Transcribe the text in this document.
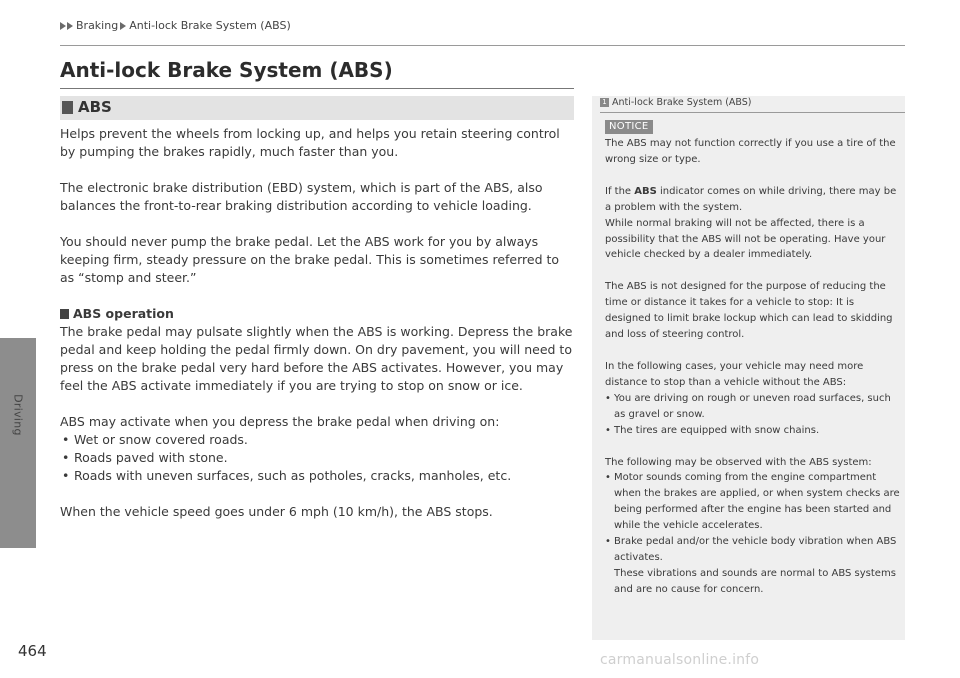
Driving
Braking Anti-lock Brake System (ABS)
Anti-lock Brake System (ABS)
ABS

Helps prevent the wheels from locking up, and helps you retain steering control by pumping the brakes rapidly, much faster than you.

The electronic brake distribution (EBD) system, which is part of the ABS, also balances the front-to-rear braking distribution according to vehicle loading.

You should never pump the brake pedal. Let the ABS work for you by always keeping firm, steady pressure on the brake pedal. This is sometimes referred to as “stomp and steer.”

ABS operation

The brake pedal may pulsate slightly when the ABS is working. Depress the brake pedal and keep holding the pedal firmly down. On dry pavement, you will need to press on the brake pedal very hard before the ABS activates. However, you may feel the ABS activate immediately if you are trying to stop on snow or ice.

ABS may activate when you depress the brake pedal when driving on:

• Wet or snow covered roads.
• Roads paved with stone.
• Roads with uneven surfaces, such as potholes, cracks, manholes, etc.

When the vehicle speed goes under 6 mph (10 km/h), the ABS stops.

1 Anti-lock Brake System (ABS)
NOTICE

The ABS may not function correctly if you use a tire of the wrong size or type.

If the ABS indicator comes on while driving, there may be a problem with the system.

While normal braking will not be affected, there is a possibility that the ABS will not be operating. Have your vehicle checked by a dealer immediately.

The ABS is not designed for the purpose of reducing the time or distance it takes for a vehicle to stop: It is designed to limit brake lockup which can lead to skidding and loss of steering control.

In the following cases, your vehicle may need more distance to stop than a vehicle without the ABS:

• You are driving on rough or uneven road surfaces, such as gravel or snow.
• The tires are equipped with snow chains.

The following may be observed with the ABS system:

• Motor sounds coming from the engine compartment when the brakes are applied, or when system checks are being performed after the engine has been started and while the vehicle accelerates.
• Brake pedal and/or the vehicle body vibration when ABS activates.

These vibrations and sounds are normal to ABS systems and are no cause for concern.

464	carmanualsonline.info
